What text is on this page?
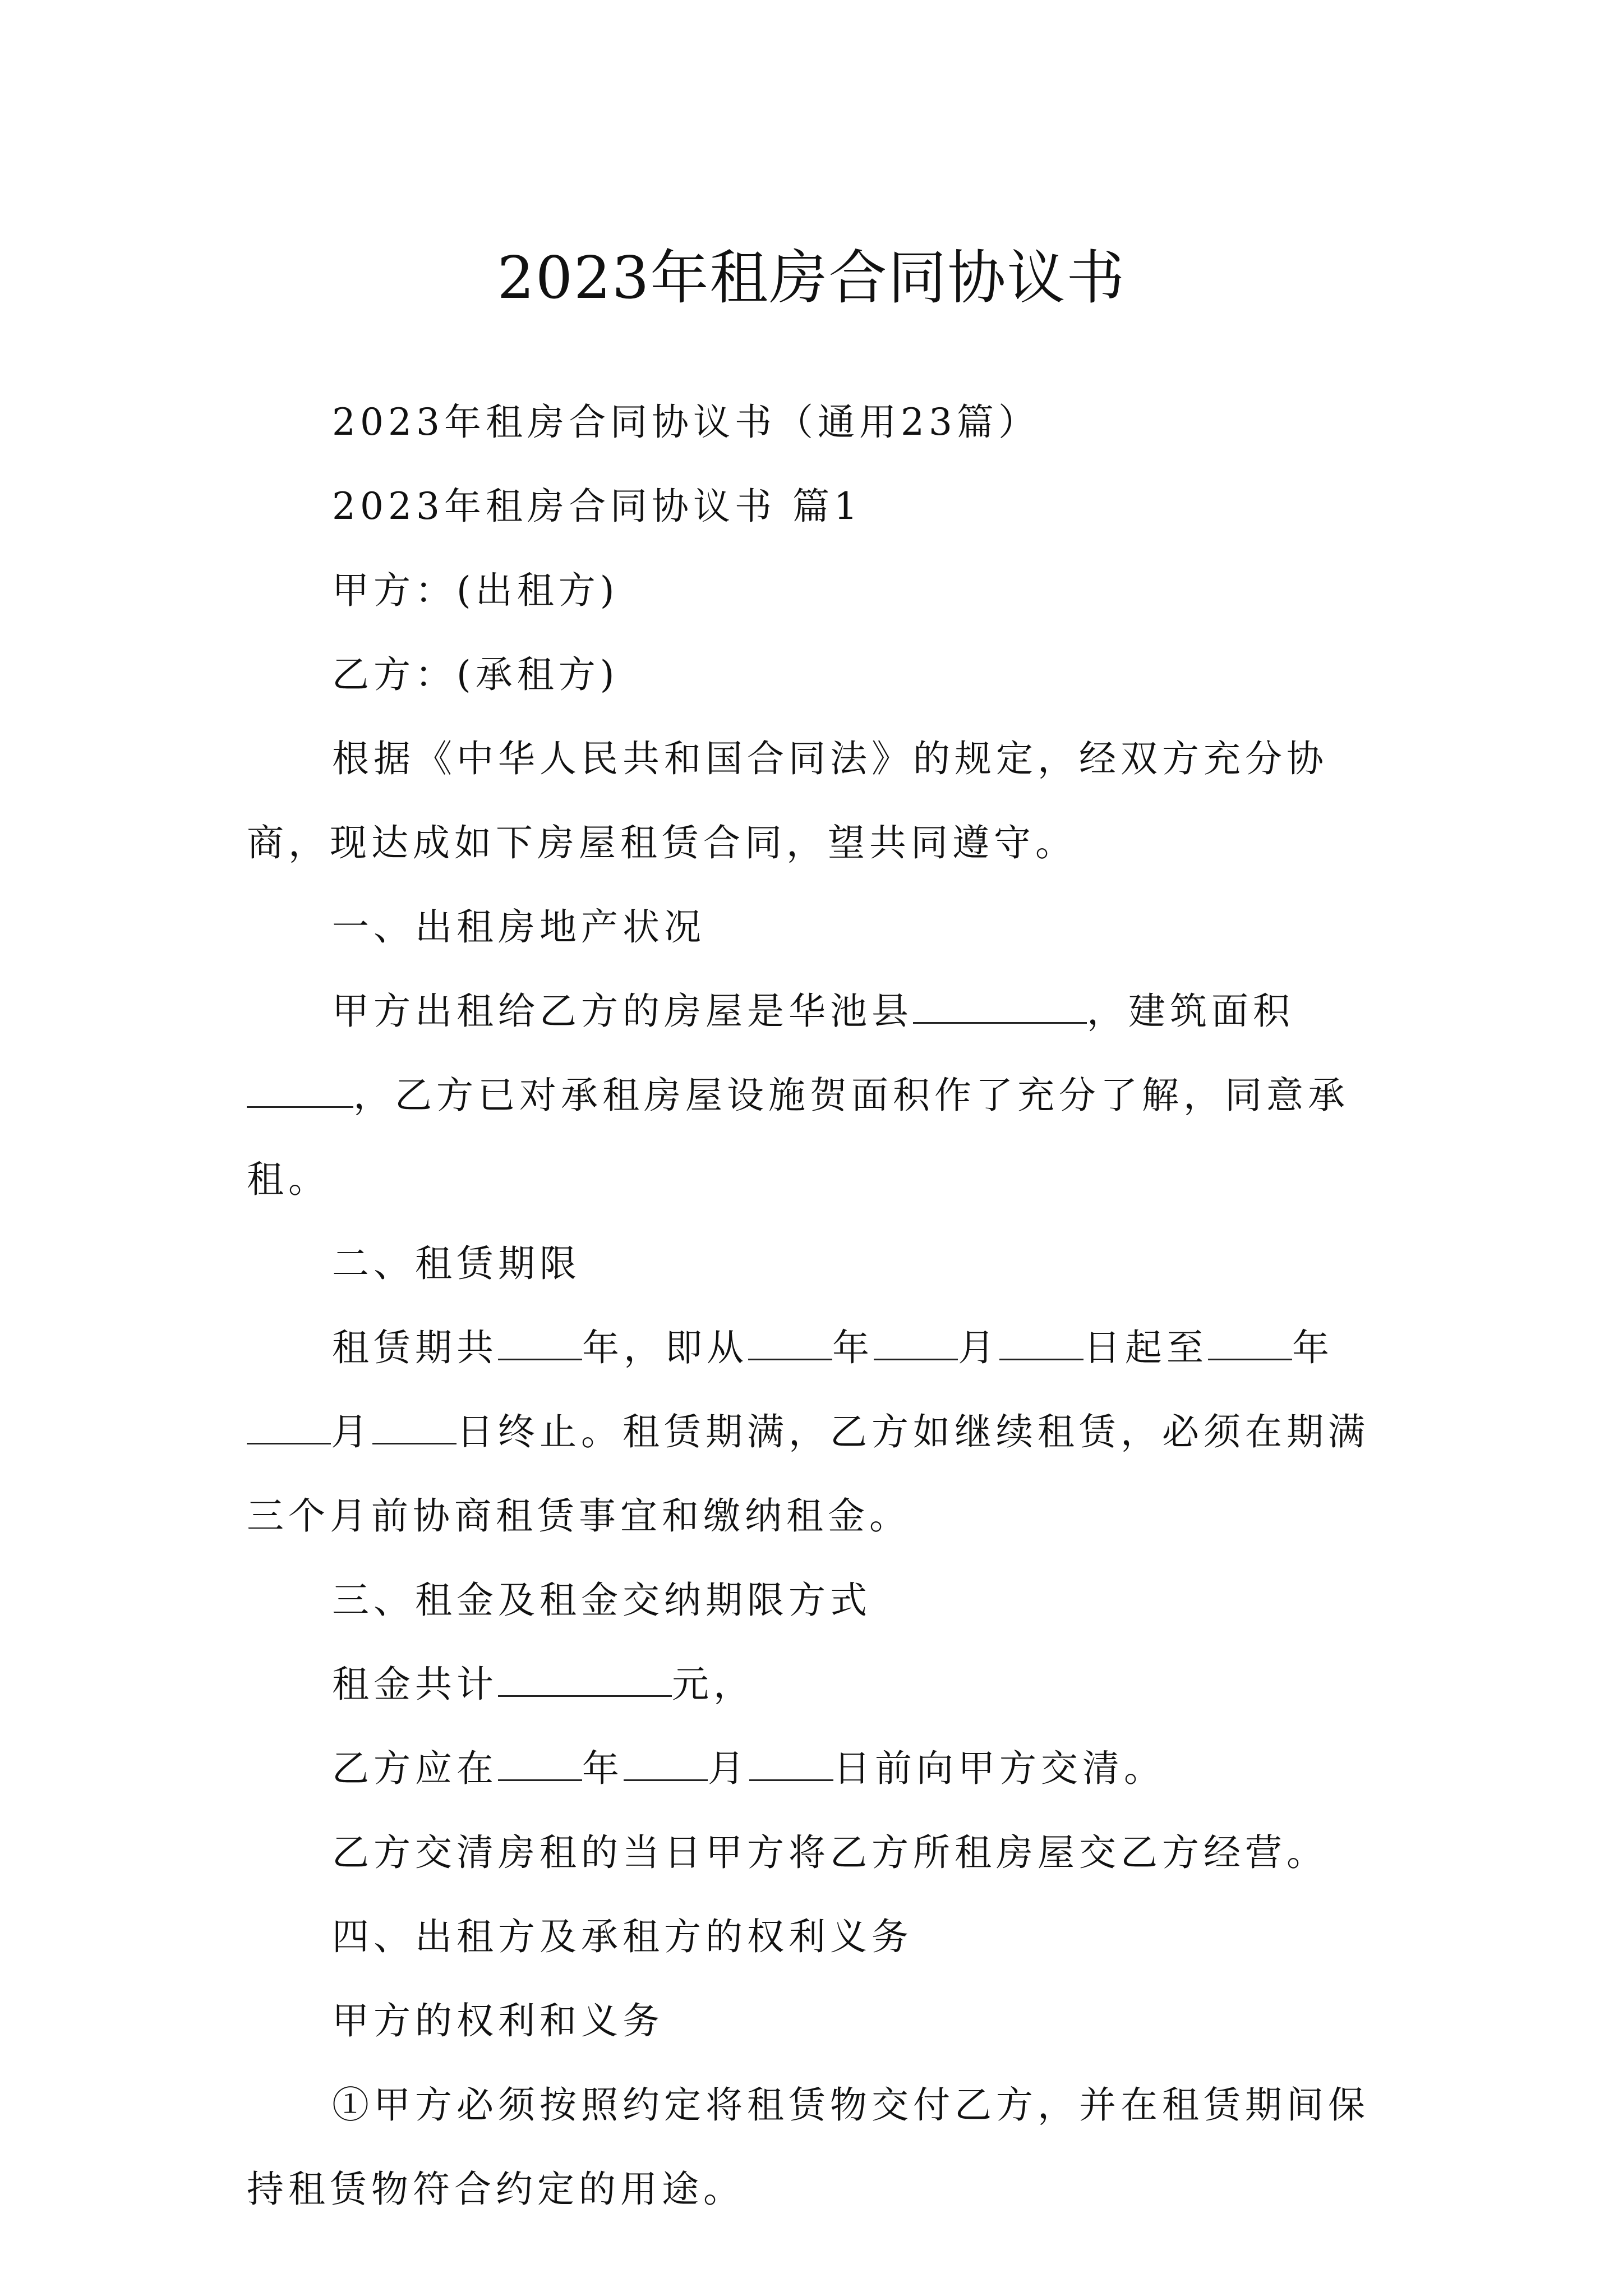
2023年租房合同协议书

2023年租房合同协议书（通用23篇）

2023年租房合同协议书 篇1

甲方：(出租方)

乙方：(承租方)

根据《中华人民共和国合同法》的规定，经双方充分协商，现达成如下房屋租赁合同，望共同遵守。

一、出租房地产状况

甲方出租给乙方的房屋是华池县	，建筑面积，乙方已对承租房屋设施贺面积作了充分了解，同意承租。

二、租赁期限

租赁期共 年，即从 年 月 日起至 年月 日终止。租赁期满，乙方如继续租赁，必须在期满三个月前协商租赁事宜和缴纳租金。

三、租金及租金交纳期限方式

租金共计	元，

乙方应在 年 月 日前向甲方交清。

乙方交清房租的当日甲方将乙方所租房屋交乙方经营。

四、出租方及承租方的权利义务

甲方的权利和义务

①甲方必须按照约定将租赁物交付乙方，并在租赁期间保持租赁物符合约定的用途。
